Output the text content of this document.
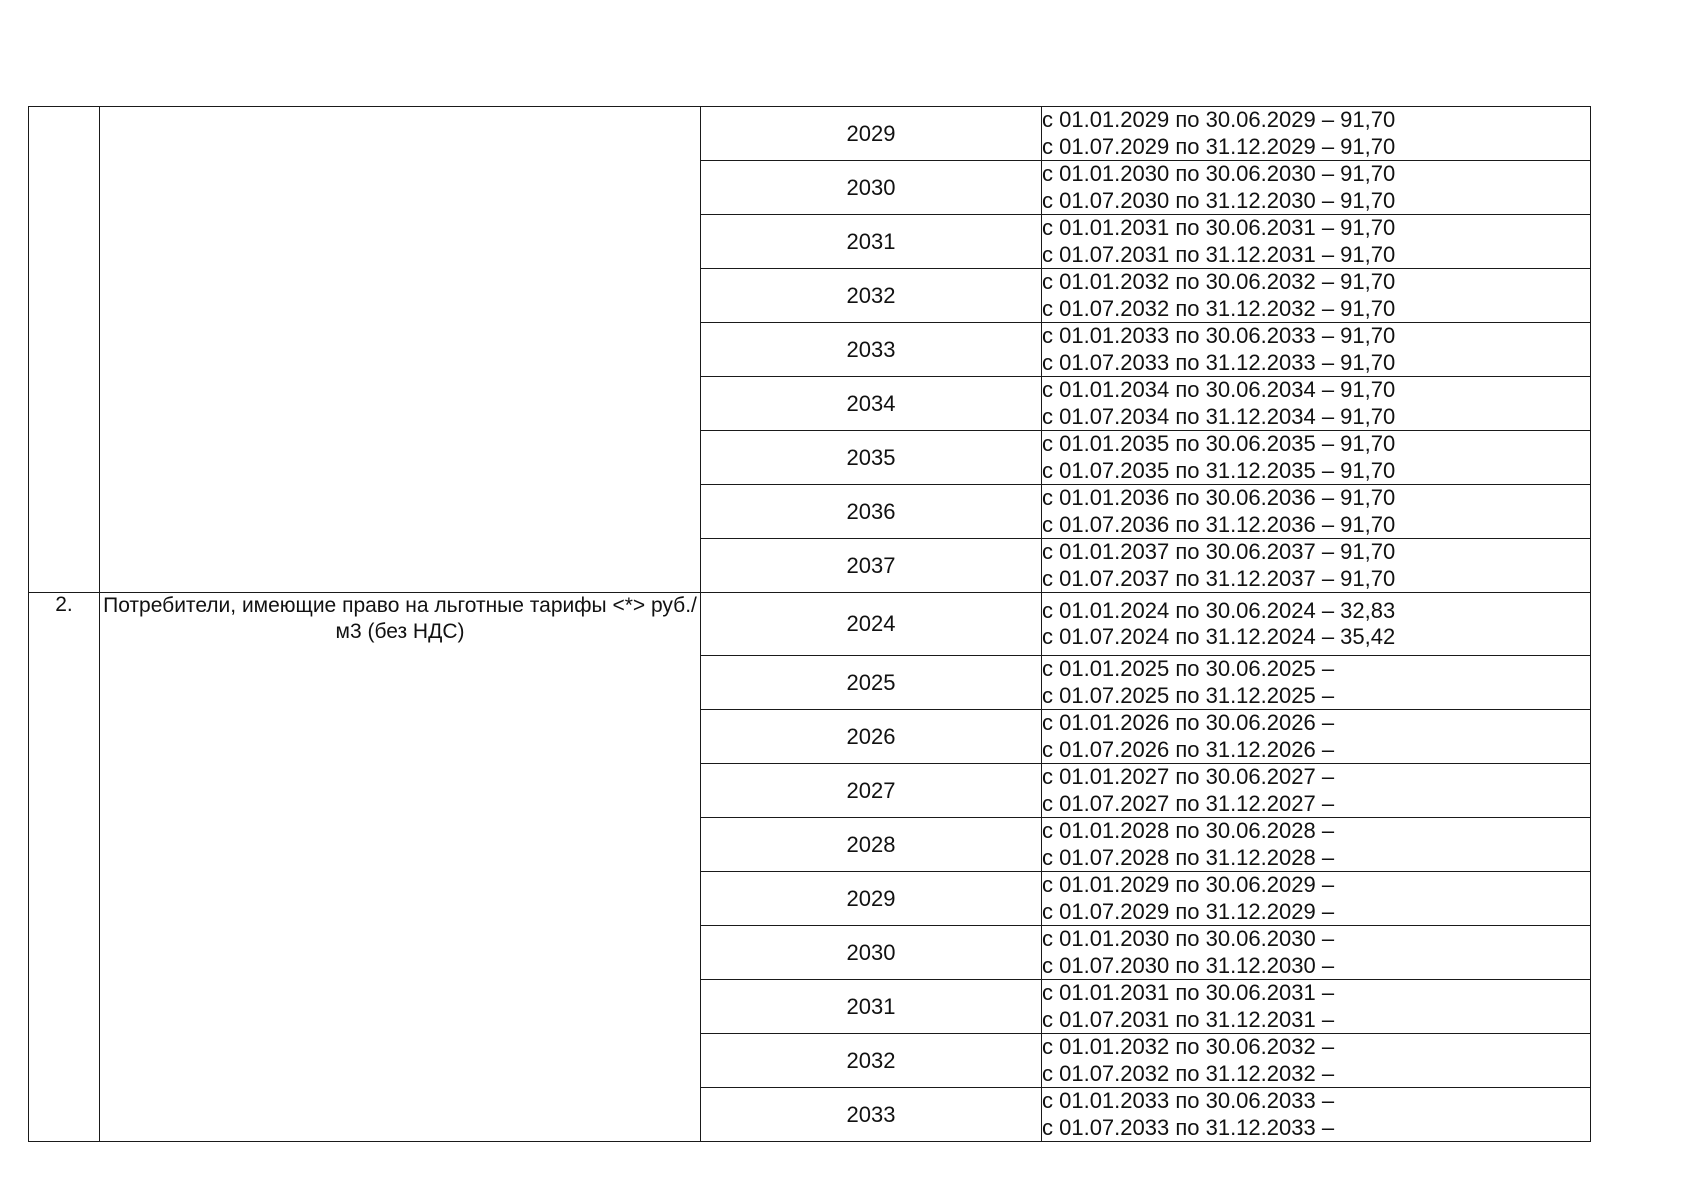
		2029	с 01.01.2029 по 30.06.2029 – 91,70
с 01.07.2029 по 31.12.2029 – 91,70

		2030	с 01.01.2030 по 30.06.2030 – 91,70
с 01.07.2030 по 31.12.2030 – 91,70

		2031	с 01.01.2031 по 30.06.2031 – 91,70
с 01.07.2031 по 31.12.2031 – 91,70

		2032	с 01.01.2032 по 30.06.2032 – 91,70
с 01.07.2032 по 31.12.2032 – 91,70

		2033	с 01.01.2033 по 30.06.2033 – 91,70
с 01.07.2033 по 31.12.2033 – 91,70

		2034	с 01.01.2034 по 30.06.2034 – 91,70
с 01.07.2034 по 31.12.2034 – 91,70

		2035	с 01.01.2035 по 30.06.2035 – 91,70
с 01.07.2035 по 31.12.2035 – 91,70

		2036	с 01.01.2036 по 30.06.2036 – 91,70
с 01.07.2036 по 31.12.2036 – 91,70

		2037	с 01.01.2037 по 30.06.2037 – 91,70
с 01.07.2037 по 31.12.2037 – 91,70

2.	Потребители, имеющие право на льготные тарифы <*> руб./м3 (без НДС)	2024	с 01.01.2024 по 30.06.2024 – 32,83
с 01.07.2024 по 31.12.2024 – 35,42

		2025	с 01.01.2025 по 30.06.2025 –
с 01.07.2025 по 31.12.2025 –

		2026	с 01.01.2026 по 30.06.2026 –
с 01.07.2026 по 31.12.2026 –

		2027	с 01.01.2027 по 30.06.2027 –
с 01.07.2027 по 31.12.2027 –

		2028	с 01.01.2028 по 30.06.2028 –
с 01.07.2028 по 31.12.2028 –

		2029	с 01.01.2029 по 30.06.2029 –
с 01.07.2029 по 31.12.2029 –

		2030	с 01.01.2030 по 30.06.2030 –
с 01.07.2030 по 31.12.2030 –

		2031	с 01.01.2031 по 30.06.2031 –
с 01.07.2031 по 31.12.2031 –

		2032	с 01.01.2032 по 30.06.2032 –
с 01.07.2032 по 31.12.2032 –

		2033	с 01.01.2033 по 30.06.2033 –
с 01.07.2033 по 31.12.2033 –
